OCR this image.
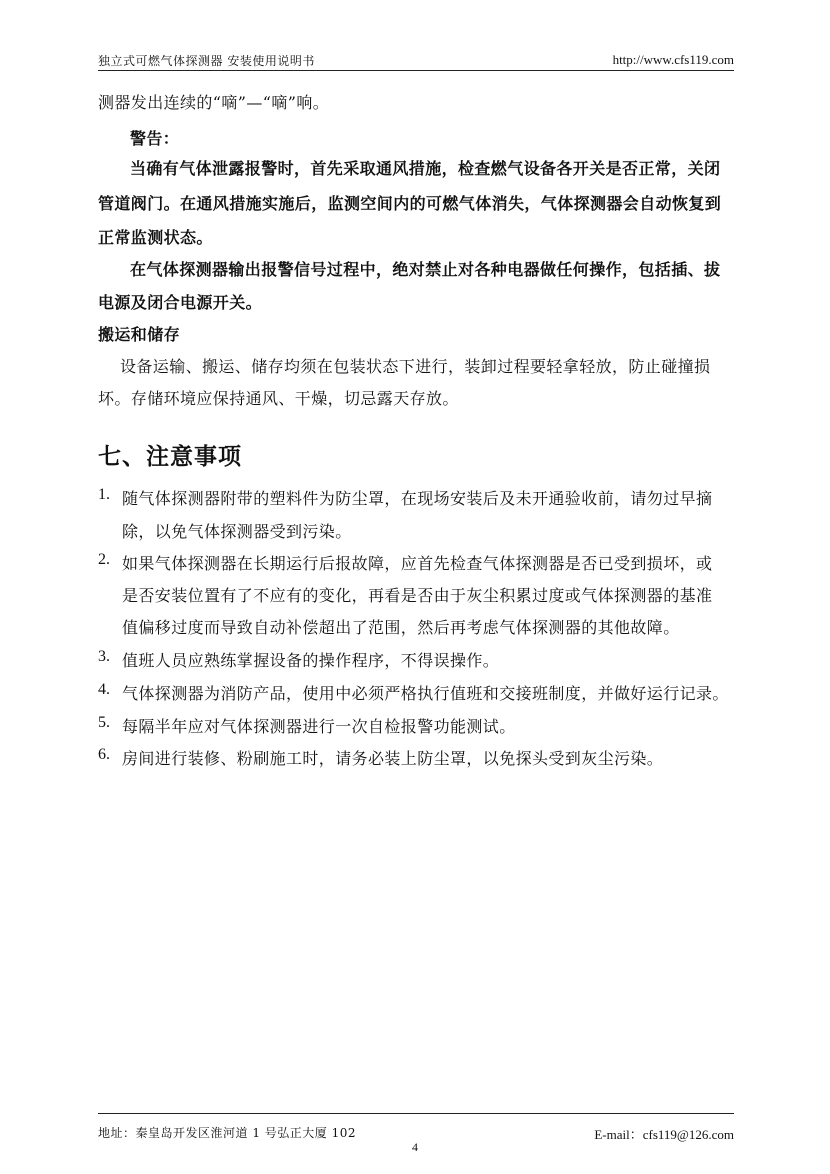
独立式可燃气体探测器 安装使用说明书	http://www.cfs119.com
测器发出连续的“嘀”—“嘀”响。
警告：
当确有气体泄露报警时，首先采取通风措施，检查燃气设备各开关是否正常，关闭
管道阀门。在通风措施实施后，监测空间内的可燃气体消失，气体探测器会自动恢复到
正常监测状态。
在气体探测器输出报警信号过程中，绝对禁止对各种电器做任何操作，包括插、拔
电源及闭合电源开关。
搬运和储存
设备运输、搬运、储存均须在包装状态下进行，装卸过程要轻拿轻放，防止碰撞损
坏。存储环境应保持通风、干燥，切忌露天存放。
七、注意事项
1. 随气体探测器附带的塑料件为防尘罩，在现场安装后及未开通验收前，请勿过早摘
除，以免气体探测器受到污染。
2. 如果气体探测器在长期运行后报故障，应首先检查气体探测器是否已受到损坏，或
是否安装位置有了不应有的变化，再看是否由于灰尘积累过度或气体探测器的基准
值偏移过度而导致自动补偿超出了范围，然后再考虑气体探测器的其他故障。
3. 值班人员应熟练掌握设备的操作程序，不得误操作。
4. 气体探测器为消防产品，使用中必须严格执行值班和交接班制度，并做好运行记录。
5. 每隔半年应对气体探测器进行一次自检报警功能测试。
6. 房间进行装修、粉刷施工时，请务必装上防尘罩，以免探头受到灰尘污染。
地址：秦皇岛开发区淮河道 1 号弘正大厦 102	E-mail：cfs119@126.com
4
